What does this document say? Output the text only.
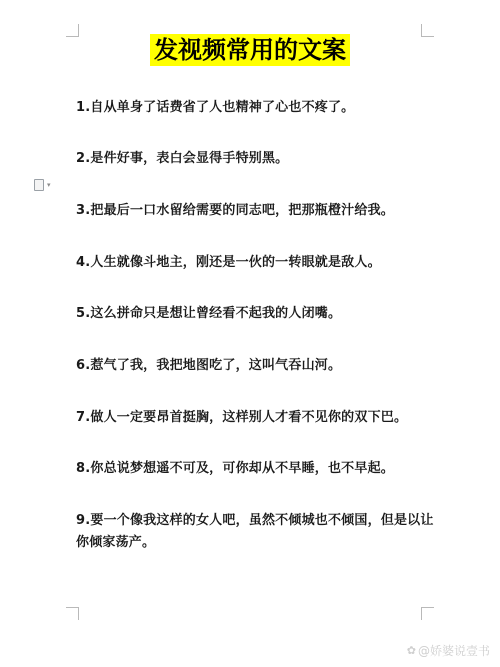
发视频常用的文案
▾
1.自从单身了话费省了人也精神了心也不疼了。
2.是件好事，表白会显得手特别黑。
3.把最后一口水留给需要的同志吧，把那瓶橙汁给我。
4.人生就像斗地主，刚还是一伙的一转眼就是敌人。
5.这么拼命只是想让曾经看不起我的人闭嘴。
6.惹气了我，我把地图吃了，这叫气吞山河。
7.做人一定要昂首挺胸，这样别人才看不见你的双下巴。
8.你总说梦想遥不可及，可你却从不早睡，也不早起。
9.要一个像我这样的女人吧，虽然不倾城也不倾国，但是以让你倾家荡产。
✿ @娇婆说壹书
